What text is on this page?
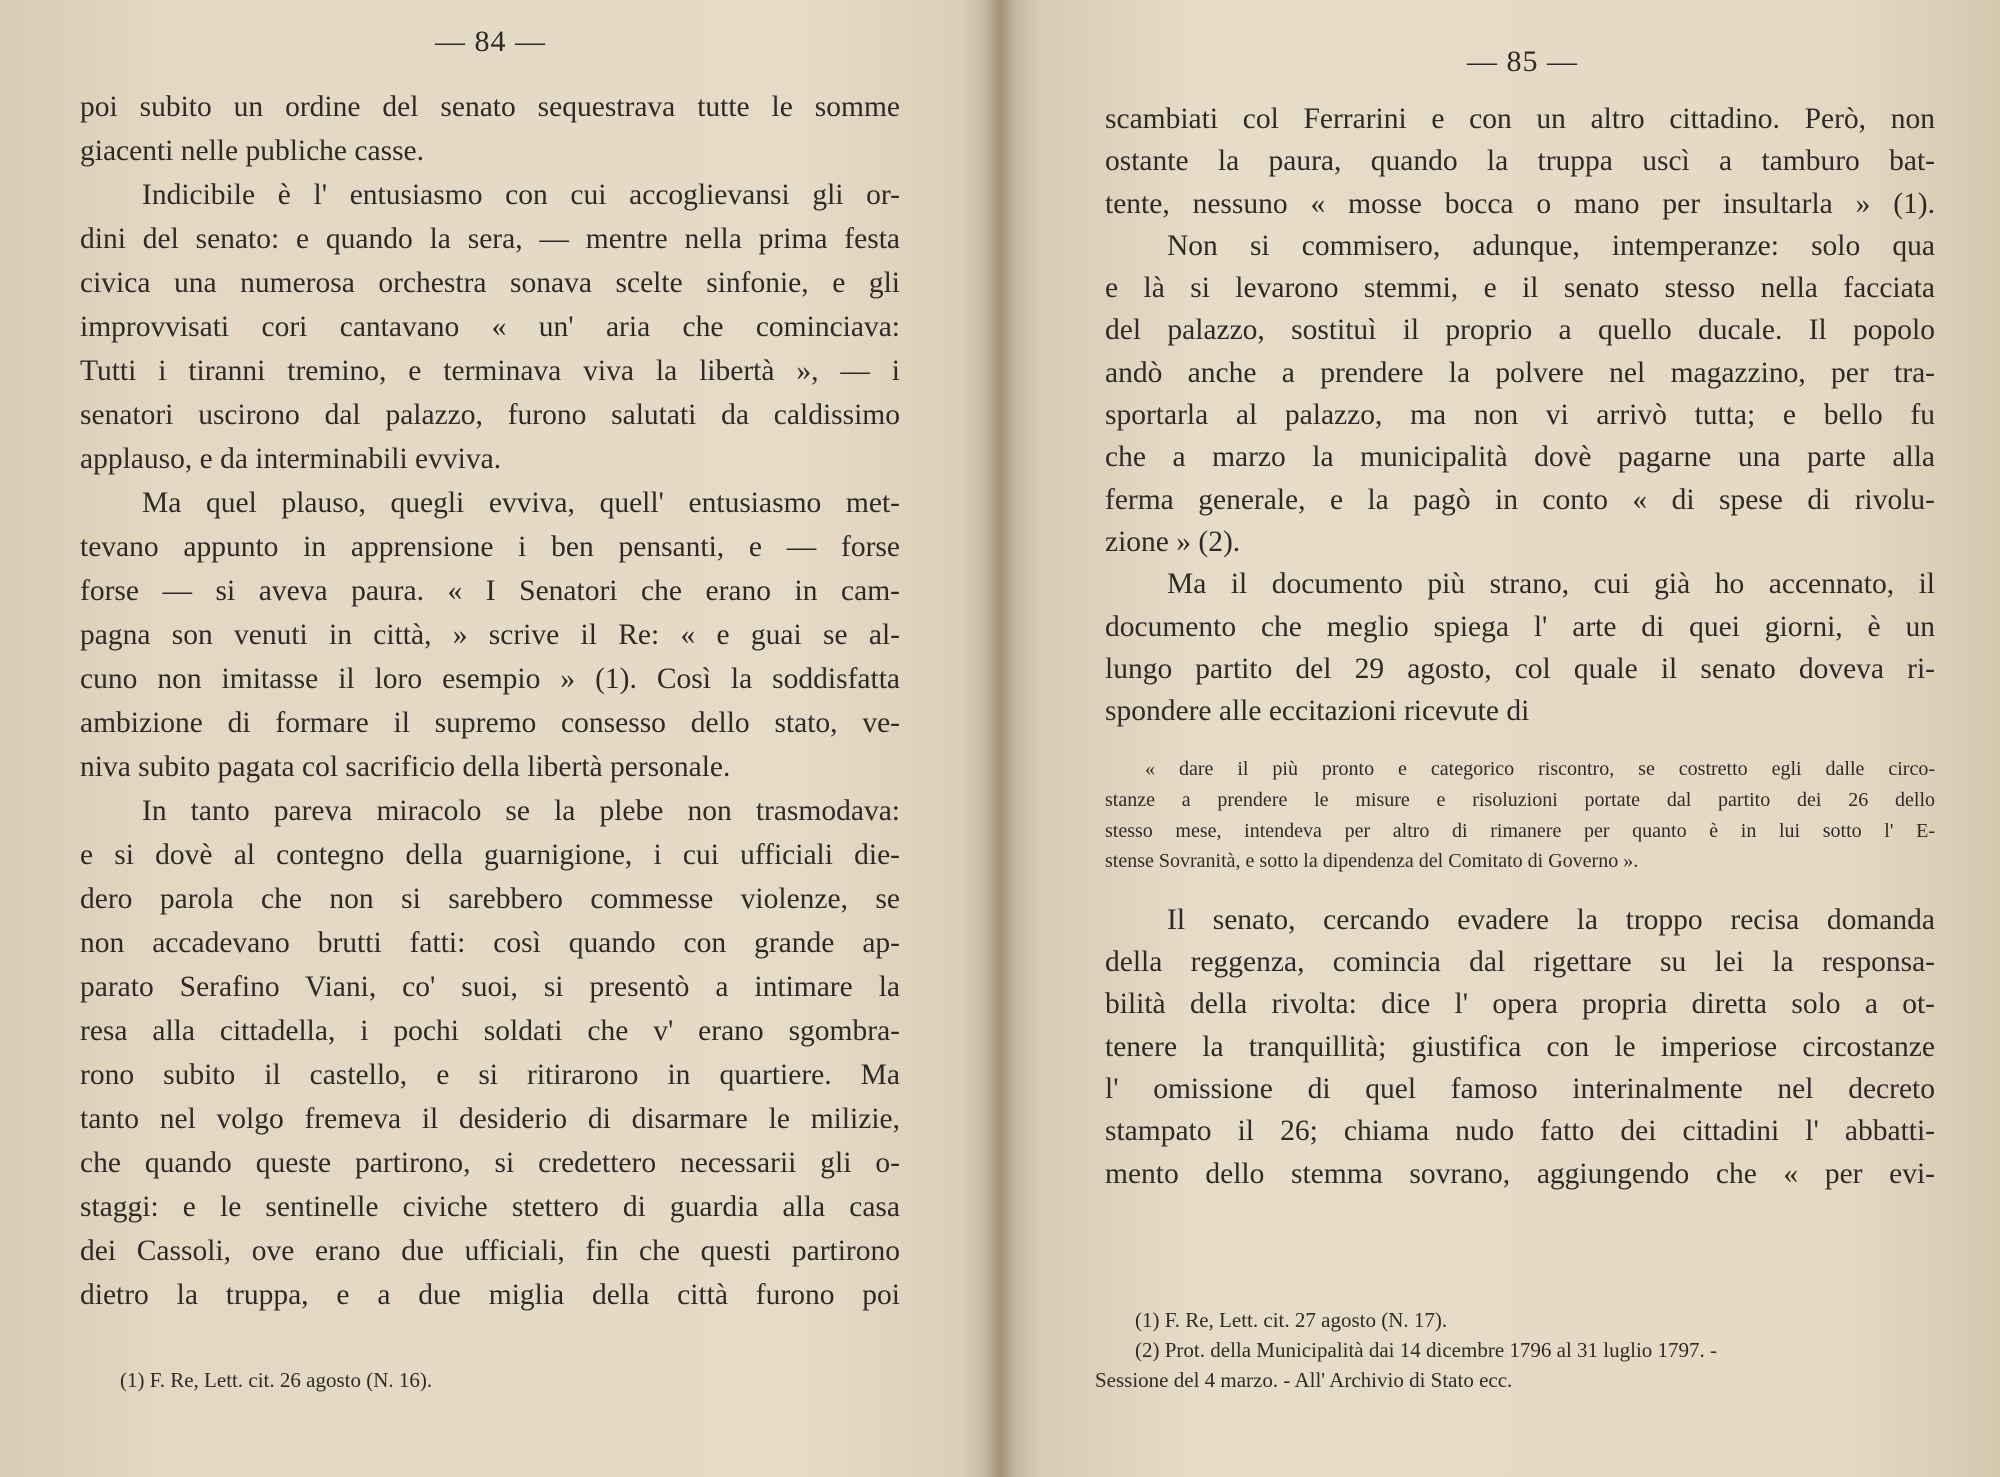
— 84 —
poi subito un ordine del senato sequestrava tutte le somme
giacenti nelle publiche casse.
Indicibile è l' entusiasmo con cui accoglievansi gli or-
dini del senato: e quando la sera, — mentre nella prima festa
civica una numerosa orchestra sonava scelte sinfonie, e gli
improvvisati cori cantavano « un' aria che cominciava:
Tutti i tiranni tremino, e terminava viva la libertà », — i
senatori uscirono dal palazzo, furono salutati da caldissimo
applauso, e da interminabili evviva.
Ma quel plauso, quegli evviva, quell' entusiasmo met-
tevano appunto in apprensione i ben pensanti, e — forse
forse — si aveva paura. « I Senatori che erano in cam-
pagna son venuti in città, » scrive il Re: « e guai se al-
cuno non imitasse il loro esempio » (1). Così la soddisfatta
ambizione di formare il supremo consesso dello stato, ve-
niva subito pagata col sacrificio della libertà personale.
In tanto pareva miracolo se la plebe non trasmodava:
e si dovè al contegno della guarnigione, i cui ufficiali die-
dero parola che non si sarebbero commesse violenze, se
non accadevano brutti fatti: così quando con grande ap-
parato Serafino Viani, co' suoi, si presentò a intimare la
resa alla cittadella, i pochi soldati che v' erano sgombra-
rono subito il castello, e si ritirarono in quartiere. Ma
tanto nel volgo fremeva il desiderio di disarmare le milizie,
che quando queste partirono, si credettero necessarii gli o-
staggi: e le sentinelle civiche stettero di guardia alla casa
dei Cassoli, ove erano due ufficiali, fin che questi partirono
dietro la truppa, e a due miglia della città furono poi
(1) F. Re, Lett. cit. 26 agosto (N. 16).
— 85 —
scambiati col Ferrarini e con un altro cittadino. Però, non
ostante la paura, quando la truppa uscì a tamburo bat-
tente, nessuno « mosse bocca o mano per insultarla » (1).
Non si commisero, adunque, intemperanze: solo qua
e là si levarono stemmi, e il senato stesso nella facciata
del palazzo, sostituì il proprio a quello ducale. Il popolo
andò anche a prendere la polvere nel magazzino, per tra-
sportarla al palazzo, ma non vi arrivò tutta; e bello fu
che a marzo la municipalità dovè pagarne una parte alla
ferma generale, e la pagò in conto « di spese di rivolu-
zione » (2).
Ma il documento più strano, cui già ho accennato, il
documento che meglio spiega l' arte di quei giorni, è un
lungo partito del 29 agosto, col quale il senato doveva ri-
spondere alle eccitazioni ricevute di
« dare il più pronto e categorico riscontro, se costretto egli dalle circo-
stanze a prendere le misure e risoluzioni portate dal partito dei 26 dello
stesso mese, intendeva per altro di rimanere per quanto è in lui sotto l' E-
stense Sovranità, e sotto la dipendenza del Comitato di Governo ».
Il senato, cercando evadere la troppo recisa domanda
della reggenza, comincia dal rigettare su lei la responsa-
bilità della rivolta: dice l' opera propria diretta solo a ot-
tenere la tranquillità; giustifica con le imperiose circostanze
l' omissione di quel famoso interinalmente nel decreto
stampato il 26; chiama nudo fatto dei cittadini l' abbatti-
mento dello stemma sovrano, aggiungendo che « per evi-
(1) F. Re, Lett. cit. 27 agosto (N. 17).
(2) Prot. della Municipalità dai 14 dicembre 1796 al 31 luglio 1797. -
Sessione del 4 marzo. - All' Archivio di Stato ecc.
